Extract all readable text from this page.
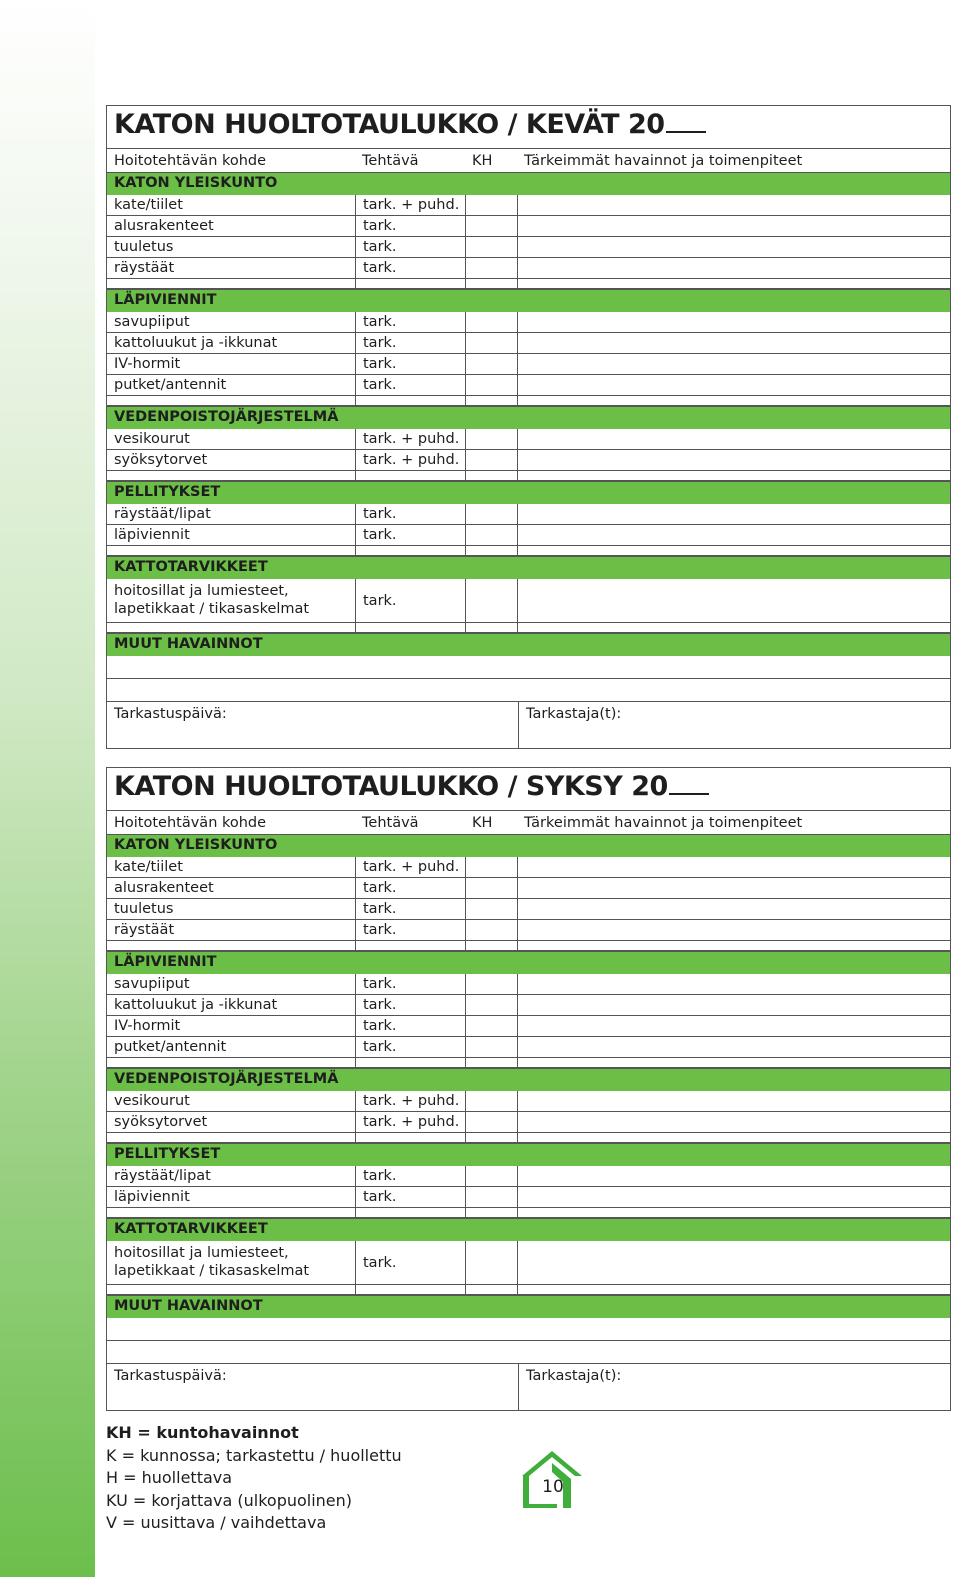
KATON HUOLTOTAULUKKO / KEVÄT 20
Hoitotehtävän kohde	Tehtävä	KH	Tärkeimmät havainnot ja toimenpiteet
KATON YLEISKUNTO
kate/tiilet	tark. + puhd.
alusrakenteet	tark.
tuuletus	tark.
räystäät	tark.
LÄPIVIENNIT
savupiiput	tark.
kattoluukut ja -ikkunat	tark.
IV-hormit	tark.
putket/antennit	tark.
VEDENPOISTOJÄRJESTELMÄ
vesikourut	tark. + puhd.
syöksytorvet	tark. + puhd.
PELLITYKSET
räystäät/lipat	tark.
läpiviennit	tark.
KATTOTARVIKKEET
hoitosillat ja lumiesteet, lapetikkaat / tikasaskelmat	tark.
MUUT HAVAINNOT
Tarkastuspäivä:	Tarkastaja(t):
KATON HUOLTOTAULUKKO / SYKSY 20
Hoitotehtävän kohde	Tehtävä	KH	Tärkeimmät havainnot ja toimenpiteet
KATON YLEISKUNTO
kate/tiilet	tark. + puhd.
alusrakenteet	tark.
tuuletus	tark.
räystäät	tark.
LÄPIVIENNIT
savupiiput	tark.
kattoluukut ja -ikkunat	tark.
IV-hormit	tark.
putket/antennit	tark.
VEDENPOISTOJÄRJESTELMÄ
vesikourut	tark. + puhd.
syöksytorvet	tark. + puhd.
PELLITYKSET
räystäät/lipat	tark.
läpiviennit	tark.
KATTOTARVIKKEET
hoitosillat ja lumiesteet, lapetikkaat / tikasaskelmat	tark.
MUUT HAVAINNOT
Tarkastuspäivä:	Tarkastaja(t):
KH = kuntohavainnot
K = kunnossa; tarkastettu / huollettu
H = huollettava
KU = korjattava (ulkopuolinen)
V = uusittava / vaihdettava
10
